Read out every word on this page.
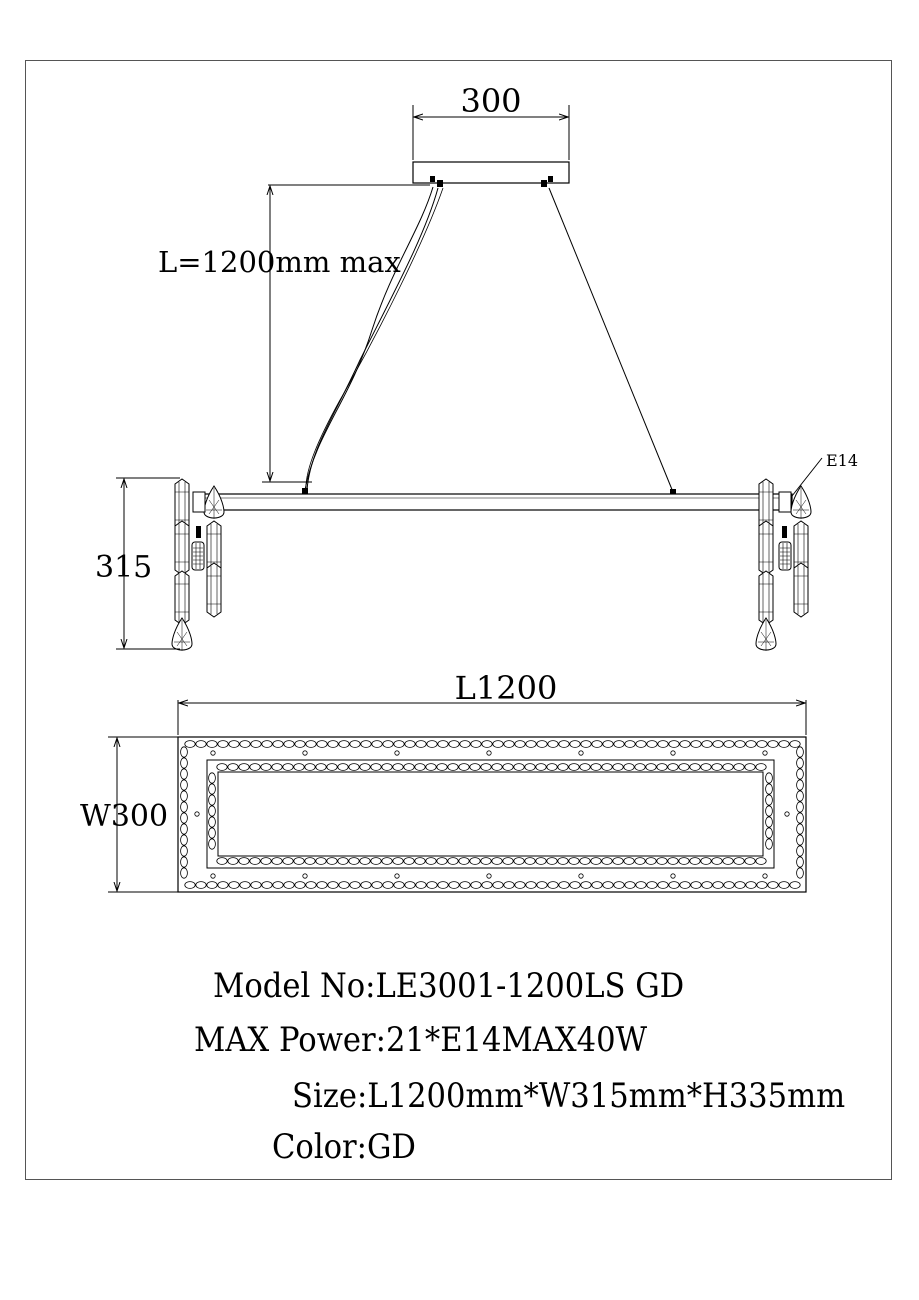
300
L=1200mm max
E14
315
L1200
W300
Model No:LE3001-1200LS GD
MAX Power:21*E14MAX40W
Size:L1200mm*W315mm*H335mm
Color:GD
